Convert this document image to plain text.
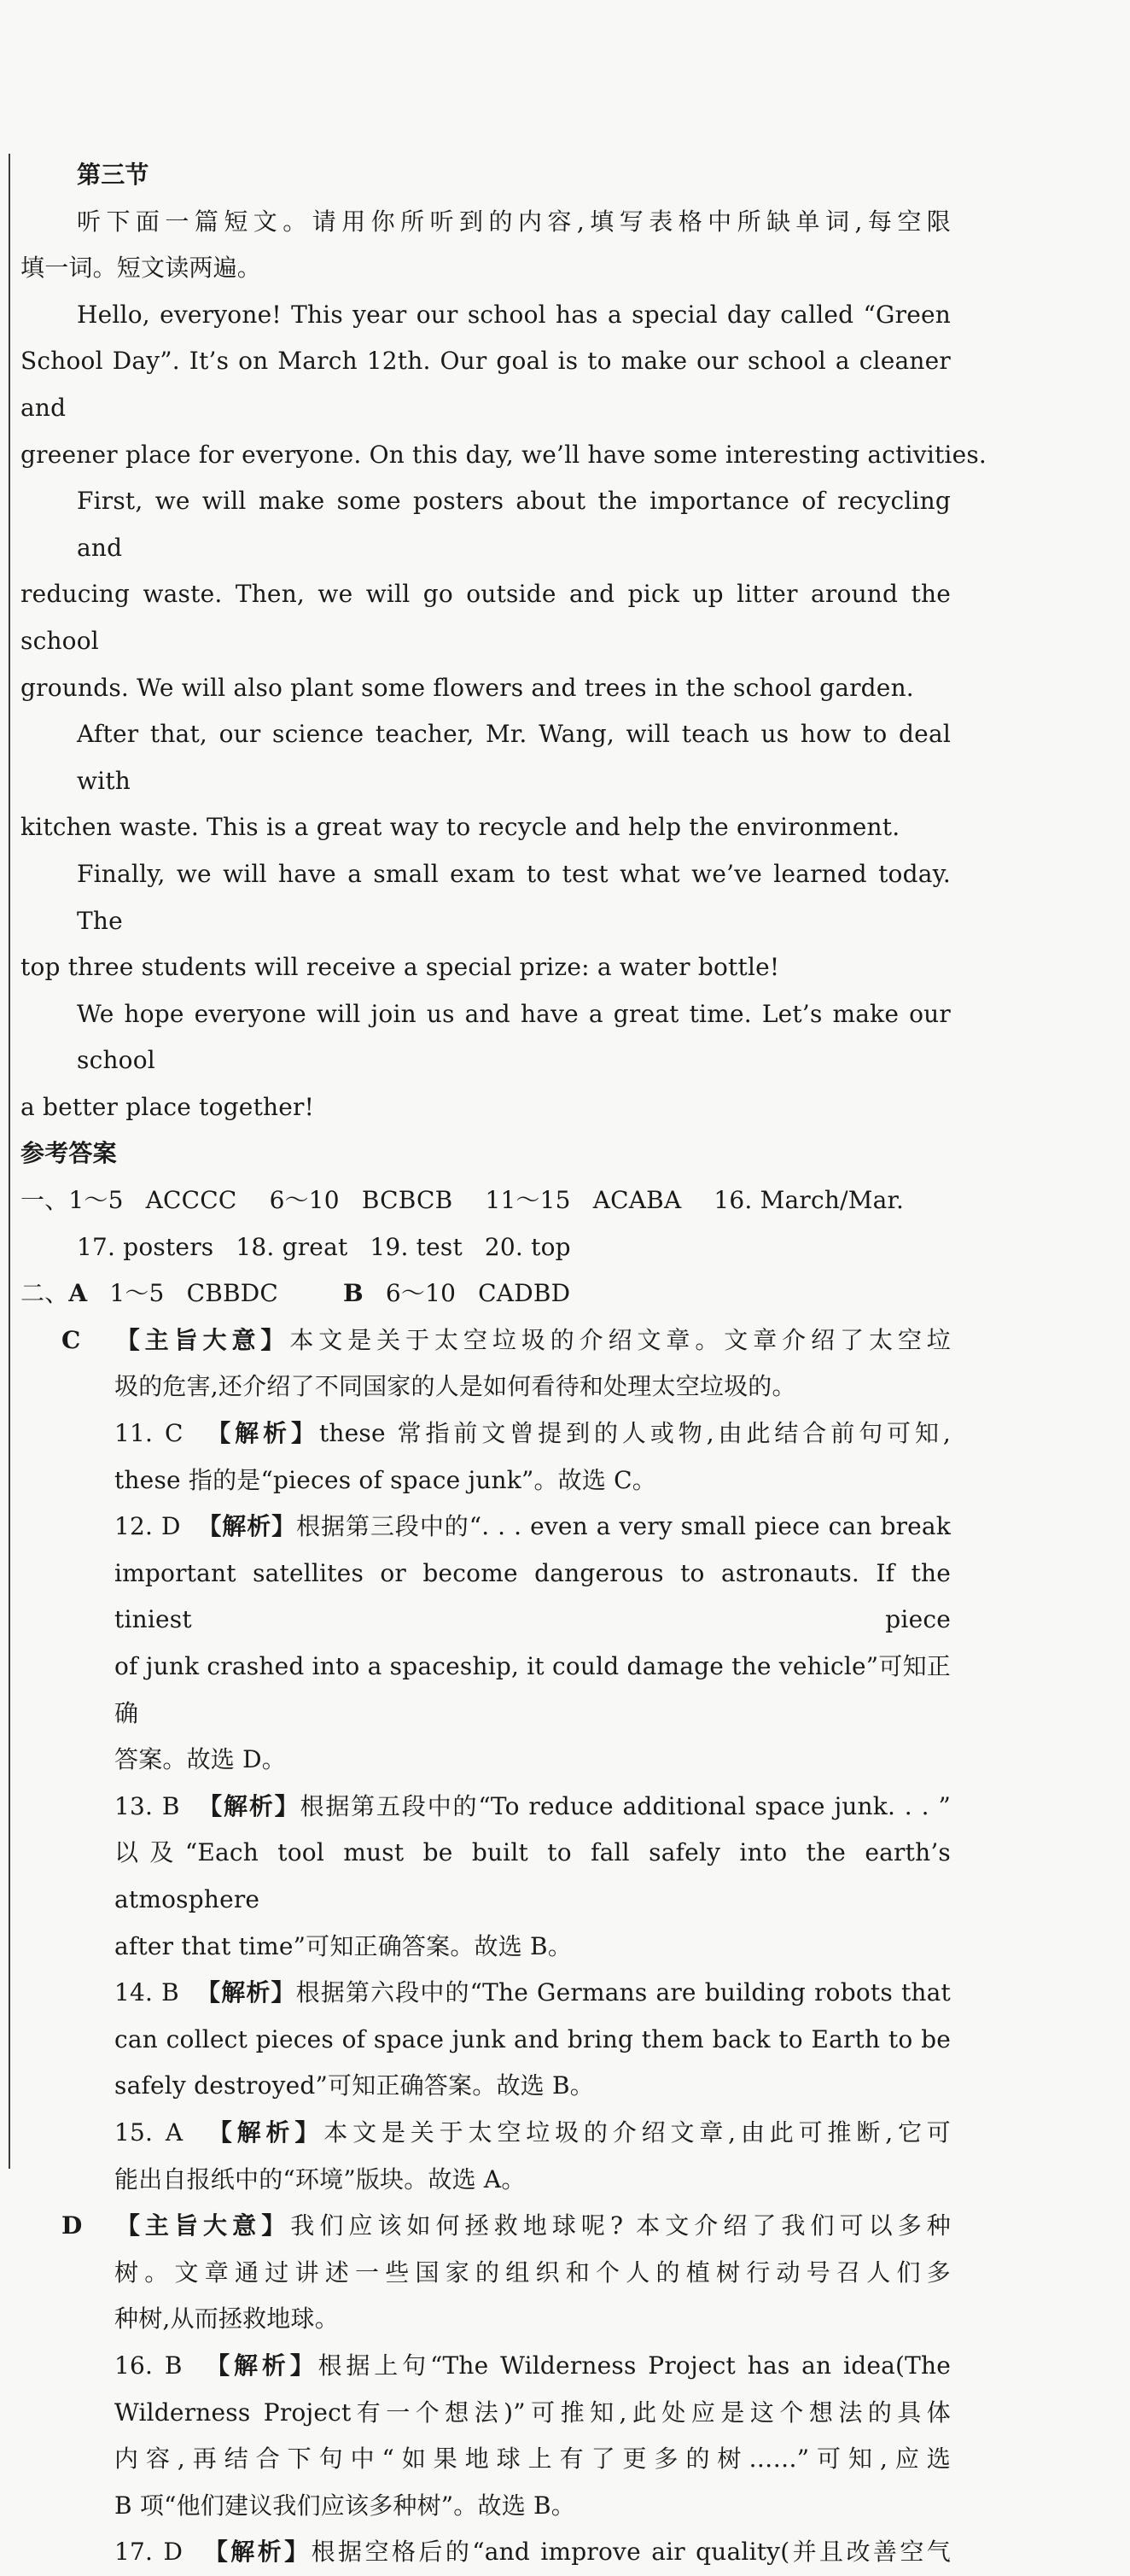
第三节
听下面一篇短文。请用你所听到的内容,填写表格中所缺单词,每空限
填一词。短文读两遍。
Hello, everyone! This year our school has a special day called “Green
School Day”. It’s on March 12th. Our goal is to make our school a cleaner and
greener place for everyone. On this day, we’ll have some interesting activities.
First, we will make some posters about the importance of recycling and
reducing waste. Then, we will go outside and pick up litter around the school
grounds. We will also plant some flowers and trees in the school garden.
After that, our science teacher, Mr. Wang, will teach us how to deal with
kitchen waste. This is a great way to recycle and help the environment.
Finally, we will have a small exam to test what we’ve learned today. The
top three students will receive a special prize: a water bottle!
We hope everyone will join us and have a great time. Let’s make our school
a better place together!
参考答案
一、1～5 ACCCC 6～10 BCBCB 11～15 ACABA 16. March/Mar.
17. posters 18. great 19. test 20. top
二、A 1～5 CBBDC	B 6～10 CADBD
C 【主旨大意】本文是关于太空垃圾的介绍文章。文章介绍了太空垃
圾的危害,还介绍了不同国家的人是如何看待和处理太空垃圾的。
11. C 【解析】these 常指前文曾提到的人或物,由此结合前句可知,
these 指的是“pieces of space junk”。故选 C。
12. D 【解析】根据第三段中的“. . . even a very small piece can break
important satellites or become dangerous to astronauts. If the tiniest piece
of junk crashed into a spaceship, it could damage the vehicle”可知正确
答案。故选 D。
13. B 【解析】根据第五段中的“To reduce additional space junk. . . ”
以及“Each tool must be built to fall safely into the earth’s atmosphere
after that time”可知正确答案。故选 B。
14. B 【解析】根据第六段中的“The Germans are building robots that
can collect pieces of space junk and bring them back to Earth to be
safely destroyed”可知正确答案。故选 B。
15. A 【解析】本文是关于太空垃圾的介绍文章,由此可推断,它可
能出自报纸中的“环境”版块。故选 A。
D 【主旨大意】我们应该如何拯救地球呢? 本文介绍了我们可以多种
树。文章通过讲述一些国家的组织和个人的植树行动号召人们多
种树,从而拯救地球。
16. B 【解析】根据上句“The Wilderness Project has an idea(The
Wilderness Project有一个想法)”可推知,此处应是这个想法的具体
内容,再结合下句中“如果地球上有了更多的树……”可知,应选
B 项“他们建议我们应该多种树”。故选 B。
17. D 【解析】根据空格后的“and improve air quality(并且改善空气
